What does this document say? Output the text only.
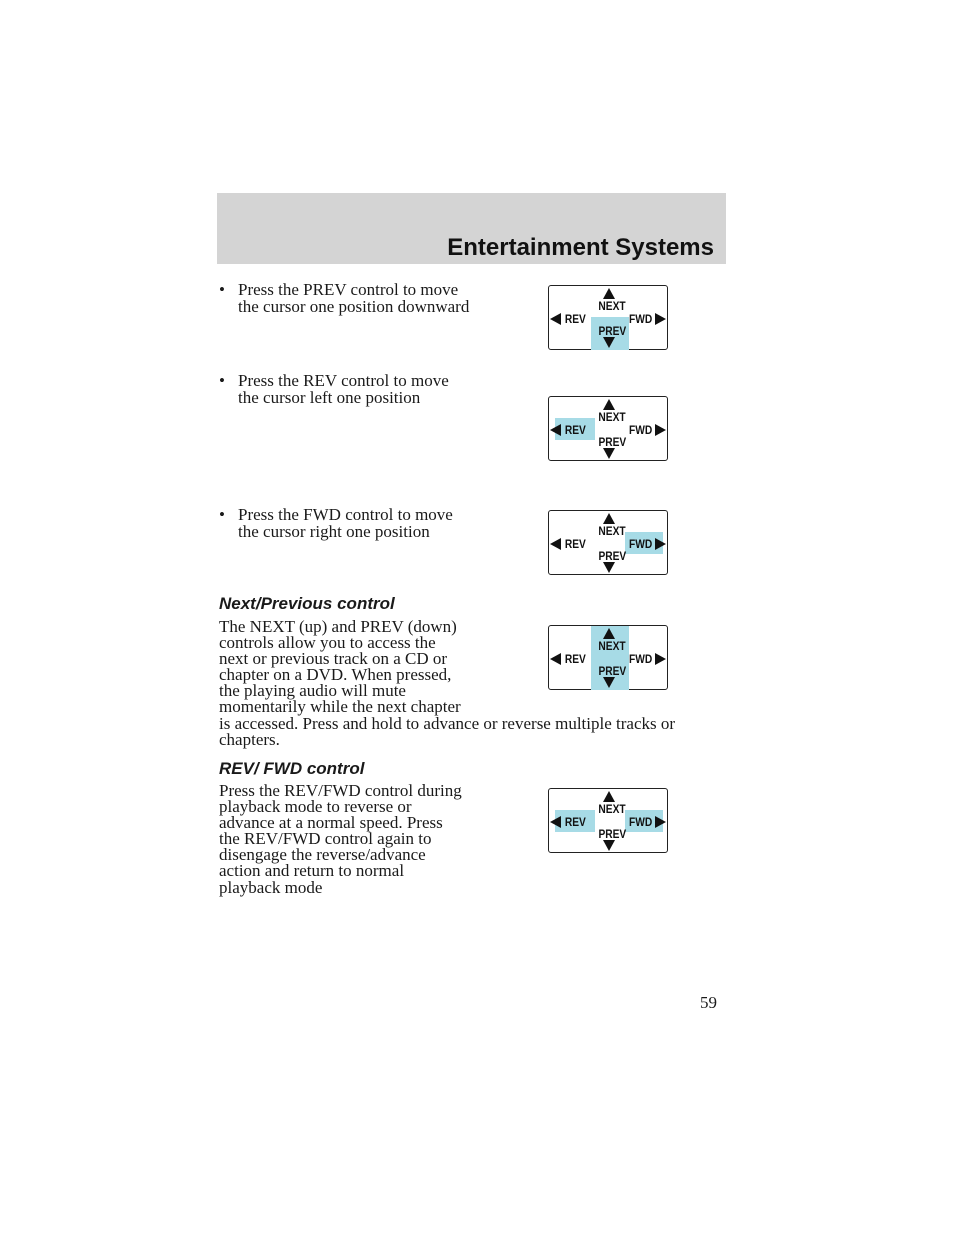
Entertainment Systems
• Press the PREV control to move
the cursor one position downward
• Press the REV control to move
the cursor left one position
• Press the FWD control to move
the cursor right one position
Next/Previous control
The NEXT (up) and PREV (down)
controls allow you to access the
next or previous track on a CD or
chapter on a DVD. When pressed,
the playing audio will mute
momentarily while the next chapter
is accessed. Press and hold to advance or reverse multiple tracks or
chapters.
REV/ FWD control
Press the REV/FWD control during
playback mode to reverse or
advance at a normal speed. Press
the REV/FWD control again to
disengage the reverse/advance
action and return to normal
playback mode
NEXT
PREV
REV	FWD
NEXT
PREV
REV	FWD
NEXT
PREV
REV	FWD
NEXT
PREV
REV	FWD
NEXT
PREV
REV	FWD
59
